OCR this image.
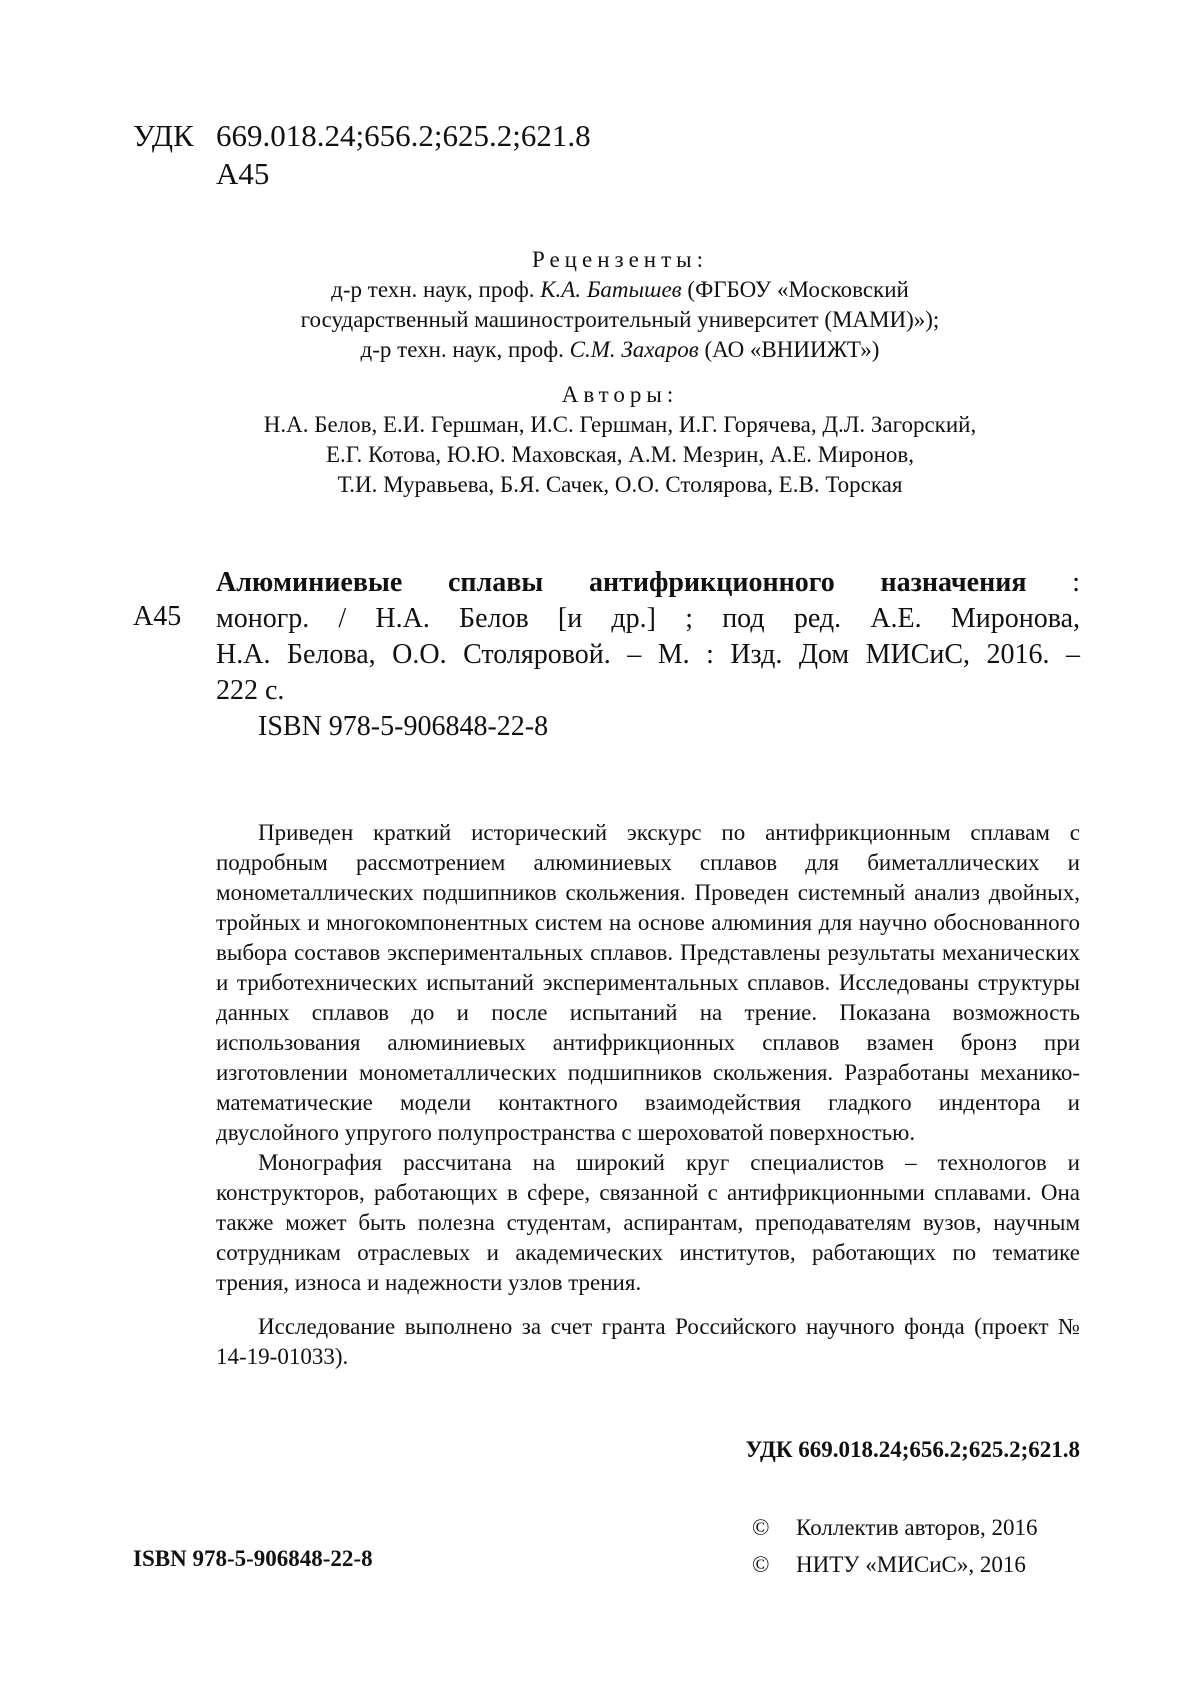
УДК 669.018.24;656.2;625.2;621.8
А45
Рецензенты:
д-р техн. наук, проф. К.А. Батышев (ФГБОУ «Московский
государственный машиностроительный университет (МАМИ)»);
д-р техн. наук, проф. С.М. Захаров (АО «ВНИИЖТ»)
Авторы:
Н.А. Белов, Е.И. Гершман, И.С. Гершман, И.Г. Горячева, Д.Л. Загорский,
Е.Г. Котова, Ю.Ю. Маховская, А.М. Мезрин, А.Е. Миронов,
Т.И. Муравьева, Б.Я. Сачек, О.О. Столярова, Е.В. Торская
А45
Алюминиевые сплавы антифрикционного назначения :
моногр. / Н.А. Белов [и др.] ; под ред. А.Е. Миронова,
Н.А. Белова, О.О. Столяровой. – М. : Изд. Дом МИСиС, 2016. –
222 с.
ISBN 978-5-906848-22-8

Приведен краткий исторический экскурс по антифрикционным сплавам с подробным рассмотрением алюминиевых сплавов для биметаллических и монометаллических подшипников скольжения. Проведен системный анализ двойных, тройных и многокомпонентных систем на основе алюминия для научно обоснованного выбора составов экспериментальных сплавов. Представлены результаты механических и триботехнических испытаний экспериментальных сплавов. Исследованы структуры данных сплавов до и после испытаний на трение. Показана возможность использования алюминиевых антифрикционных сплавов взамен бронз при изготовлении монометаллических подшипников скольжения. Разработаны механико-математические модели контактного взаимодействия гладкого индентора и двуслойного упругого полупространства с шероховатой поверхностью.

Монография рассчитана на широкий круг специалистов – технологов и конструкторов, работающих в сфере, связанной с антифрикционными сплавами. Она также может быть полезна студентам, аспирантам, преподавателям вузов, научным сотрудникам отраслевых и академических институтов, работающих по тематике трения, износа и надежности узлов трения.

Исследование выполнено за счет гранта Российского научного фонда (проект № 14-19-01033).

УДК 669.018.24;656.2;625.2;621.8
©	Коллектив авторов, 2016
©	НИТУ «МИСиС», 2016
ISBN 978-5-906848-22-8
